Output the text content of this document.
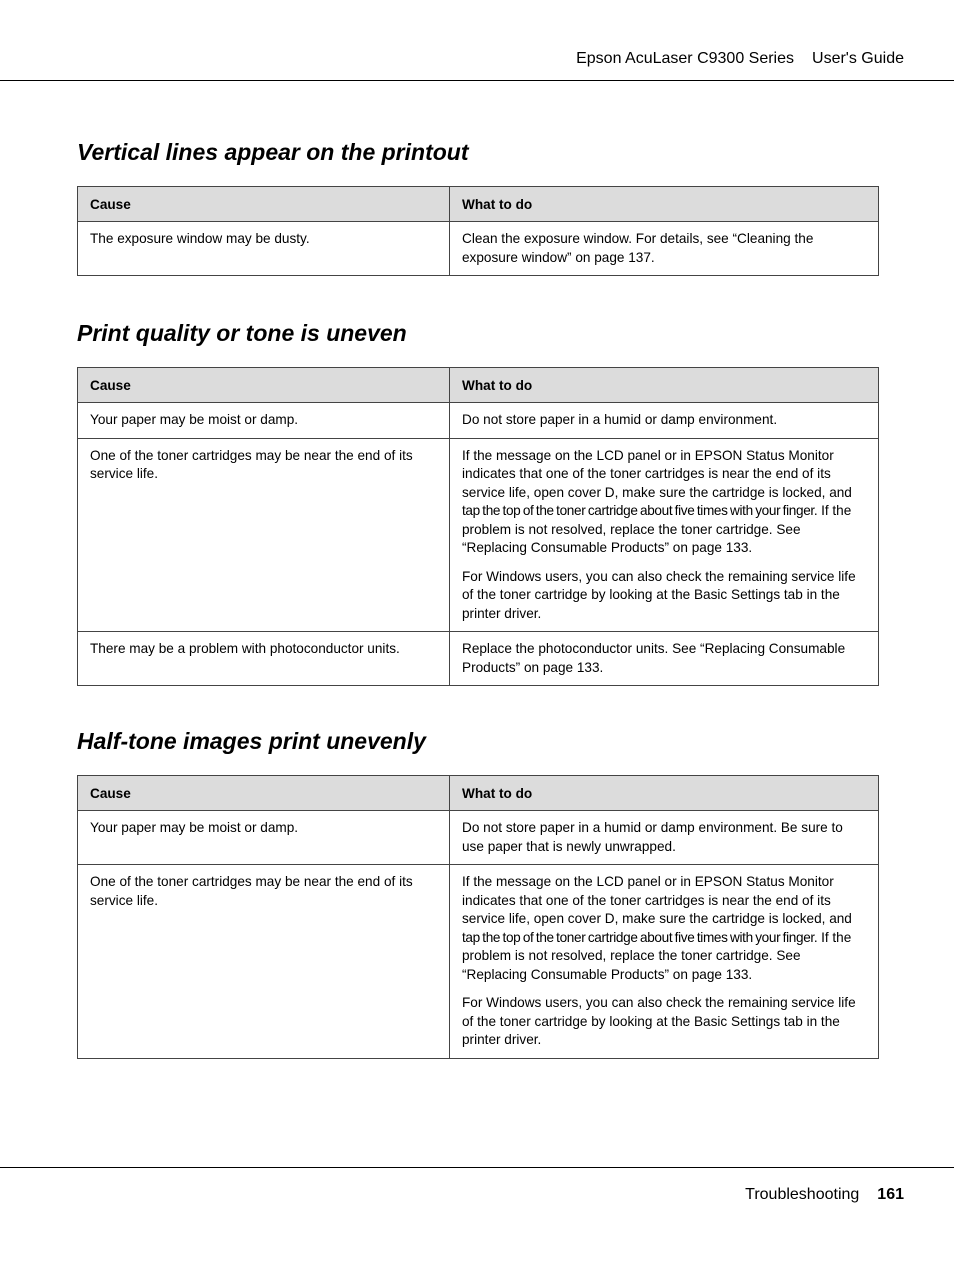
Epson AcuLaser C9300 Series User's Guide
Vertical lines appear on the printout
Cause	What to do

The exposure window may be dusty.	Clean the exposure window. For details, see “Cleaning the exposure window” on page 137.

Print quality or tone is uneven
Cause	What to do

Your paper may be moist or damp.	Do not store paper in a humid or damp environment.

One of the toner cartridges may be near the end of its service life.	If the message on the LCD panel or in EPSON Status Monitor indicates that one of the toner cartridges is near the end of its service life, open cover D, make sure the cartridge is locked, and tap the top of the toner cartridge about five times with your finger. If the problem is not resolved, replace the toner cartridge. See “Replacing Consumable Products” on page 133.

For Windows users, you can also check the remaining service life of the toner cartridge by looking at the Basic Settings tab in the printer driver.

There may be a problem with photoconductor units.	Replace the photoconductor units. See “Replacing Consumable Products” on page 133.

Half-tone images print unevenly
Cause	What to do

Your paper may be moist or damp.	Do not store paper in a humid or damp environment. Be sure to use paper that is newly unwrapped.

One of the toner cartridges may be near the end of its service life.	If the message on the LCD panel or in EPSON Status Monitor indicates that one of the toner cartridges is near the end of its service life, open cover D, make sure the cartridge is locked, and tap the top of the toner cartridge about five times with your finger. If the problem is not resolved, replace the toner cartridge. See “Replacing Consumable Products” on page 133.

For Windows users, you can also check the remaining service life of the toner cartridge by looking at the Basic Settings tab in the printer driver.

Troubleshooting 161
